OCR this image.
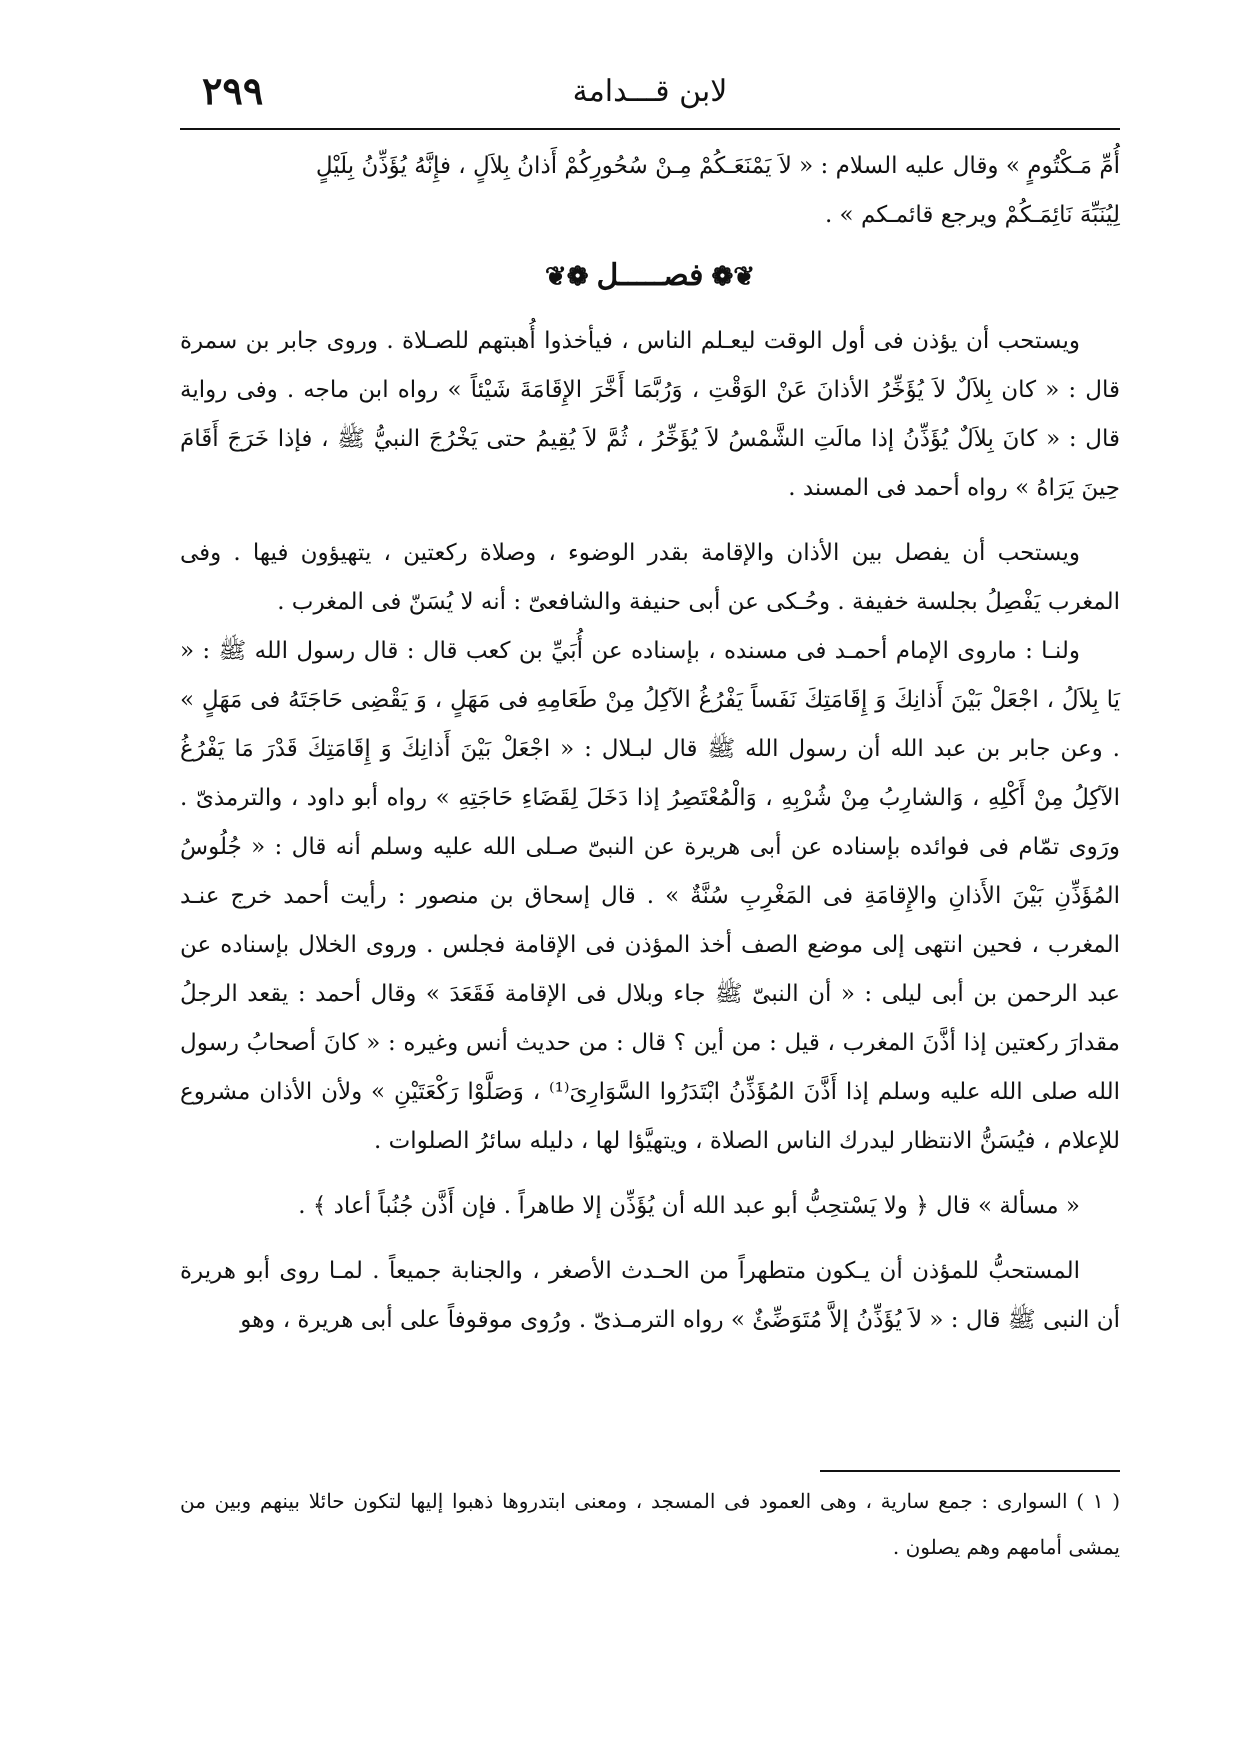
٢٩٩	لابن قـــدامة

أُمِّ مَـكْتُومٍ » وقال عليه السلام : « لاَ يَمْنَعَـكُمْ مِـنْ سُحُورِكُمْ أَذانُ بِلاَلٍ ، فإِنَّهُ يُؤَذِّنُ بِلَيْلٍ

لِيُنَبِّهَ نَائِمَـكُمْ ويرجع قائمـكم » .

❦❁فصـــــل❁❦

ويستحب أن يؤذن فى أول الوقت ليعـلم الناس ، فيأخذوا أُهبتهم للصـلاة . وروى جابر بن سمرة قال : « كان بِلاَلٌ لاَ يُؤَخِّرُ الأذانَ عَنْ الوَقْتِ ، وَرُبَّمَا أَخَّرَ الإِقَامَةَ شَيْئاً » رواه ابن ماجه . وفى رواية قال : « كانَ بِلاَلٌ يُؤَذِّنُ إذا مالَتِ الشَّمْسُ لاَ يُؤَخِّرُ ، ثُمَّ لاَ يُقِيمُ حتى يَخْرُجَ النبيُّ ﷺ ، فإذا خَرَجَ أَقَامَ حِينَ يَرَاهُ » رواه أحمد فى المسند .

ويستحب أن يفصل بين الأذان والإقامة بقدر الوضوء ، وصلاة ركعتين ، يتهيؤون فيها . وفى المغرب يَفْصِلُ بجلسة خفيفة . وحُـكى عن أبى حنيفة والشافعىّ : أنه لا يُسَنّ فى المغرب .

ولنـا : ماروى الإمام أحمـد فى مسنده ، بإسناده عن أُبَيِّ بن كعب قال : قال رسول الله ﷺ : « يَا بِلاَلُ ، اجْعَلْ بَيْنَ أَذانِكَ وَ إِقَامَتِكَ نَفَساً يَفْرُغُ الآكِلُ مِنْ طَعَامِهِ فى مَهَلٍ ، وَ يَقْضِى حَاجَتَهُ فى مَهَلٍ » . وعن جابر بن عبد الله أن رسول الله ﷺ قال لبـلال : « اجْعَلْ بَيْنَ أَذانِكَ وَ إِقَامَتِكَ قَدْرَ مَا يَفْرُغُ الآكِلُ مِنْ أَكْلِهِ ، وَالشارِبُ مِنْ شُرْبِهِ ، وَالْمُعْتَصِرُ إذا دَخَلَ لِقَضَاءِ حَاجَتِهِ » رواه أبو داود ، والترمذىّ . ورَوى تمّام فى فوائده بإسناده عن أبى هريرة عن النبىّ صـلى الله عليه وسلم أنه قال : « جُلُوسُ المُؤَذِّنِ بَيْنَ الأَذانِ والإِقامَةِ فى المَغْرِبِ سُنَّةٌ » . قال إسحاق بن منصور : رأيت أحمد خرج عنـد المغرب ، فحين انتهى إلى موضع الصف أخذ المؤذن فى الإقامة فجلس . وروى الخلال بإسناده عن عبد الرحمن بن أبى ليلى : « أن النبىّ ﷺ جاء وبلال فى الإقامة فَقَعَدَ » وقال أحمد : يقعد الرجلُ مقدارَ ركعتين إذا أذَّنَ المغرب ، قيل : من أين ؟ قال : من حديث أنس وغيره : « كانَ أصحابُ رسول الله صلى الله عليه وسلم إذا أَذَّنَ المُؤَذِّنُ ابْتَدَرُوا السَّوَارِىَ⁽¹⁾ ، وَصَلَّوْا رَكْعَتَيْنِ » ولأن الأذان مشروع للإعلام ، فيُسَنُّ الانتظار ليدرك الناس الصلاة ، ويتهيَّؤا لها ، دليله سائرُ الصلوات .

« مسألة » قال ﴿ ولا يَسْتحِبُّ أبو عبد الله أن يُؤَذِّن إلا طاهراً . فإن أَذَّن جُنُباً أعاد ﴾ .

المستحبُّ للمؤذن أن يـكون متطهراً من الحـدث الأصغر ، والجنابة جميعاً . لمـا روى أبو هريرة أن النبى ﷺ قال : « لاَ يُؤَذِّنُ إلاَّ مُتَوَضِّئٌ » رواه الترمـذىّ . ورُوى موقوفاً على أبى هريرة ، وهو

( ١ ) السوارى : جمع سارية ، وهى العمود فى المسجد ، ومعنى ابتدروها ذهبوا إليها لتكون حائلا بينهم وبين من يمشى أمامهم وهم يصلون .
